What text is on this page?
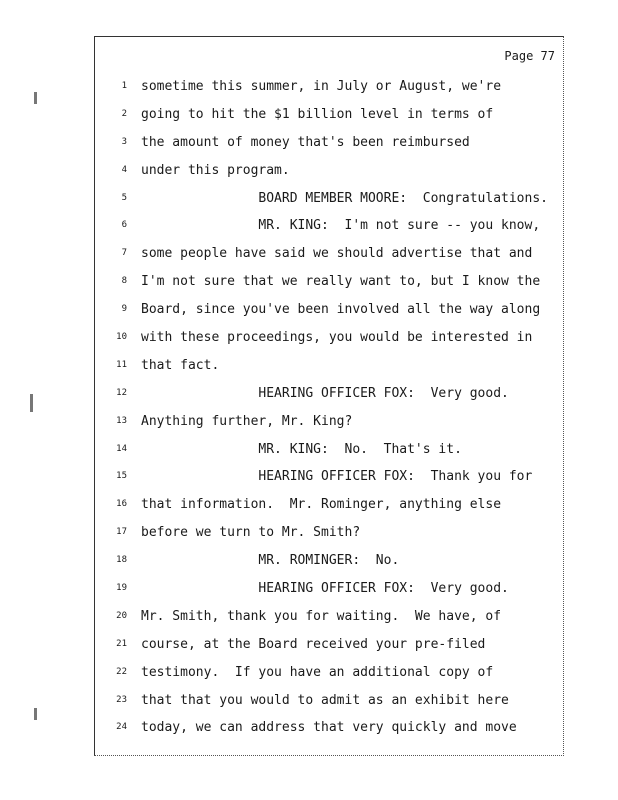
Page 77
1 sometime this summer, in July or August, we're
2 going to hit the $1 billion level in terms of
3 the amount of money that's been reimbursed
4 under this program.
5 BOARD MEMBER MOORE:  Congratulations.
6 MR. KING:  I'm not sure -- you know,
7 some people have said we should advertise that and
8 I'm not sure that we really want to, but I know the
9 Board, since you've been involved all the way along
10 with these proceedings, you would be interested in
11 that fact.
12 HEARING OFFICER FOX:  Very good.
13 Anything further, Mr. King?
14 MR. KING:  No.  That's it.
15 HEARING OFFICER FOX:  Thank you for
16 that information.  Mr. Rominger, anything else
17 before we turn to Mr. Smith?
18 MR. ROMINGER:  No.
19 HEARING OFFICER FOX:  Very good.
20 Mr. Smith, thank you for waiting.  We have, of
21 course, at the Board received your pre-filed
22 testimony.  If you have an additional copy of
23 that that you would to admit as an exhibit here
24 today, we can address that very quickly and move
